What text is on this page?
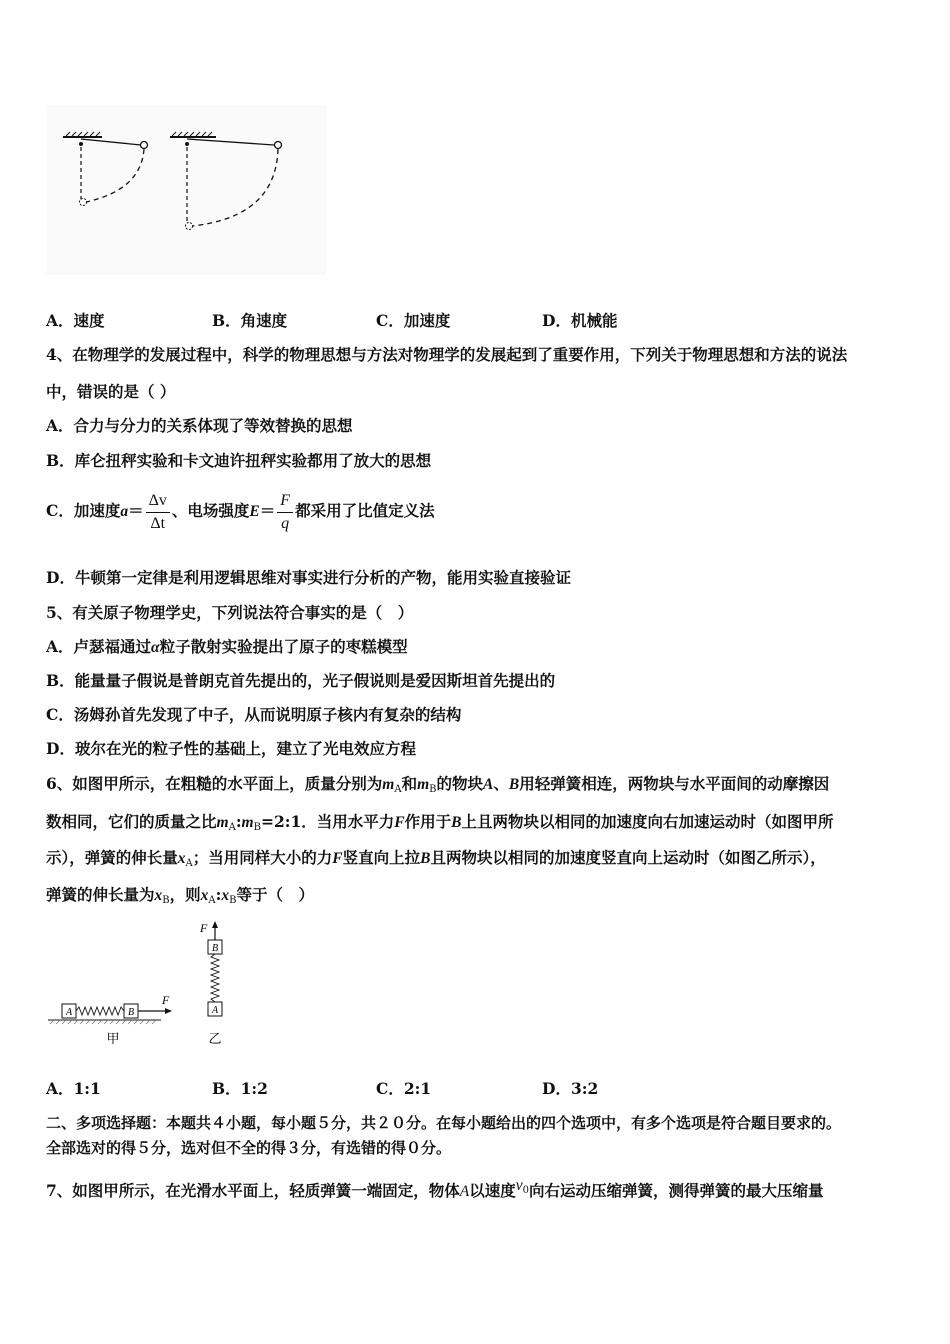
A．速度	B．角速度	C．加速度	D．机械能
4、在物理学的发展过程中，科学的物理思想与方法对物理学的发展起到了重要作用，下列关于物理思想和方法的说法
中，错误的是（ ）
A．合力与分力的关系体现了等效替换的思想
B．库仑扭秤实验和卡文迪许扭秤实验都用了放大的思想
C．加速度$a= \frac{\Delta v}{\Delta t}$ 、电场强度$E= \frac{F}{q}$ 都采用了比值定义法
D．牛顿第一定律是利用逻辑思维对事实进行分析的产物，能用实验直接验证
5、有关原子物理学史，下列说法符合事实的是（　）
A．卢瑟福通过α粒子散射实验提出了原子的枣糕模型
B．能量量子假说是普朗克首先提出的，光子假说则是爱因斯坦首先提出的
C．汤姆孙首先发现了中子，从而说明原子核内有复杂的结构
D．玻尔在光的粒子性的基础上，建立了光电效应方程
6、如图甲所示，在粗糙的水平面上，质量分别为$m_A$和$m_B$的物块A、B用轻弹簧相连，两物块与水平面间的动摩擦因
数相同，它们的质量之比$m_A:m_B=2:1$．当用水平力F作用于B上且两物块以相同的加速度向右加速运动时（如图甲所
示），弹簧的伸长量$x_A$；当用同样大小的力F竖直向上拉B且两物块以相同的加速度竖直向上运动时（如图乙所示），
弹簧的伸长量为$x_B$，则$x_A:x_B$等于（　）
A	B
F
甲
F
B
A
乙
A．1:1	B．1:2	C．2:1	D．3:2
二、多项选择题：本题共４小题，每小题５分，共２０分。在每小题给出的四个选项中，有多个选项是符合题目要求的。
全部选对的得５分，选对但不全的得３分，有选错的得０分。
7、如图甲所示，在光滑水平面上，轻质弹簧一端固定，物体A以速度$v_0$向右运动压缩弹簧，测得弹簧的最大压缩量
